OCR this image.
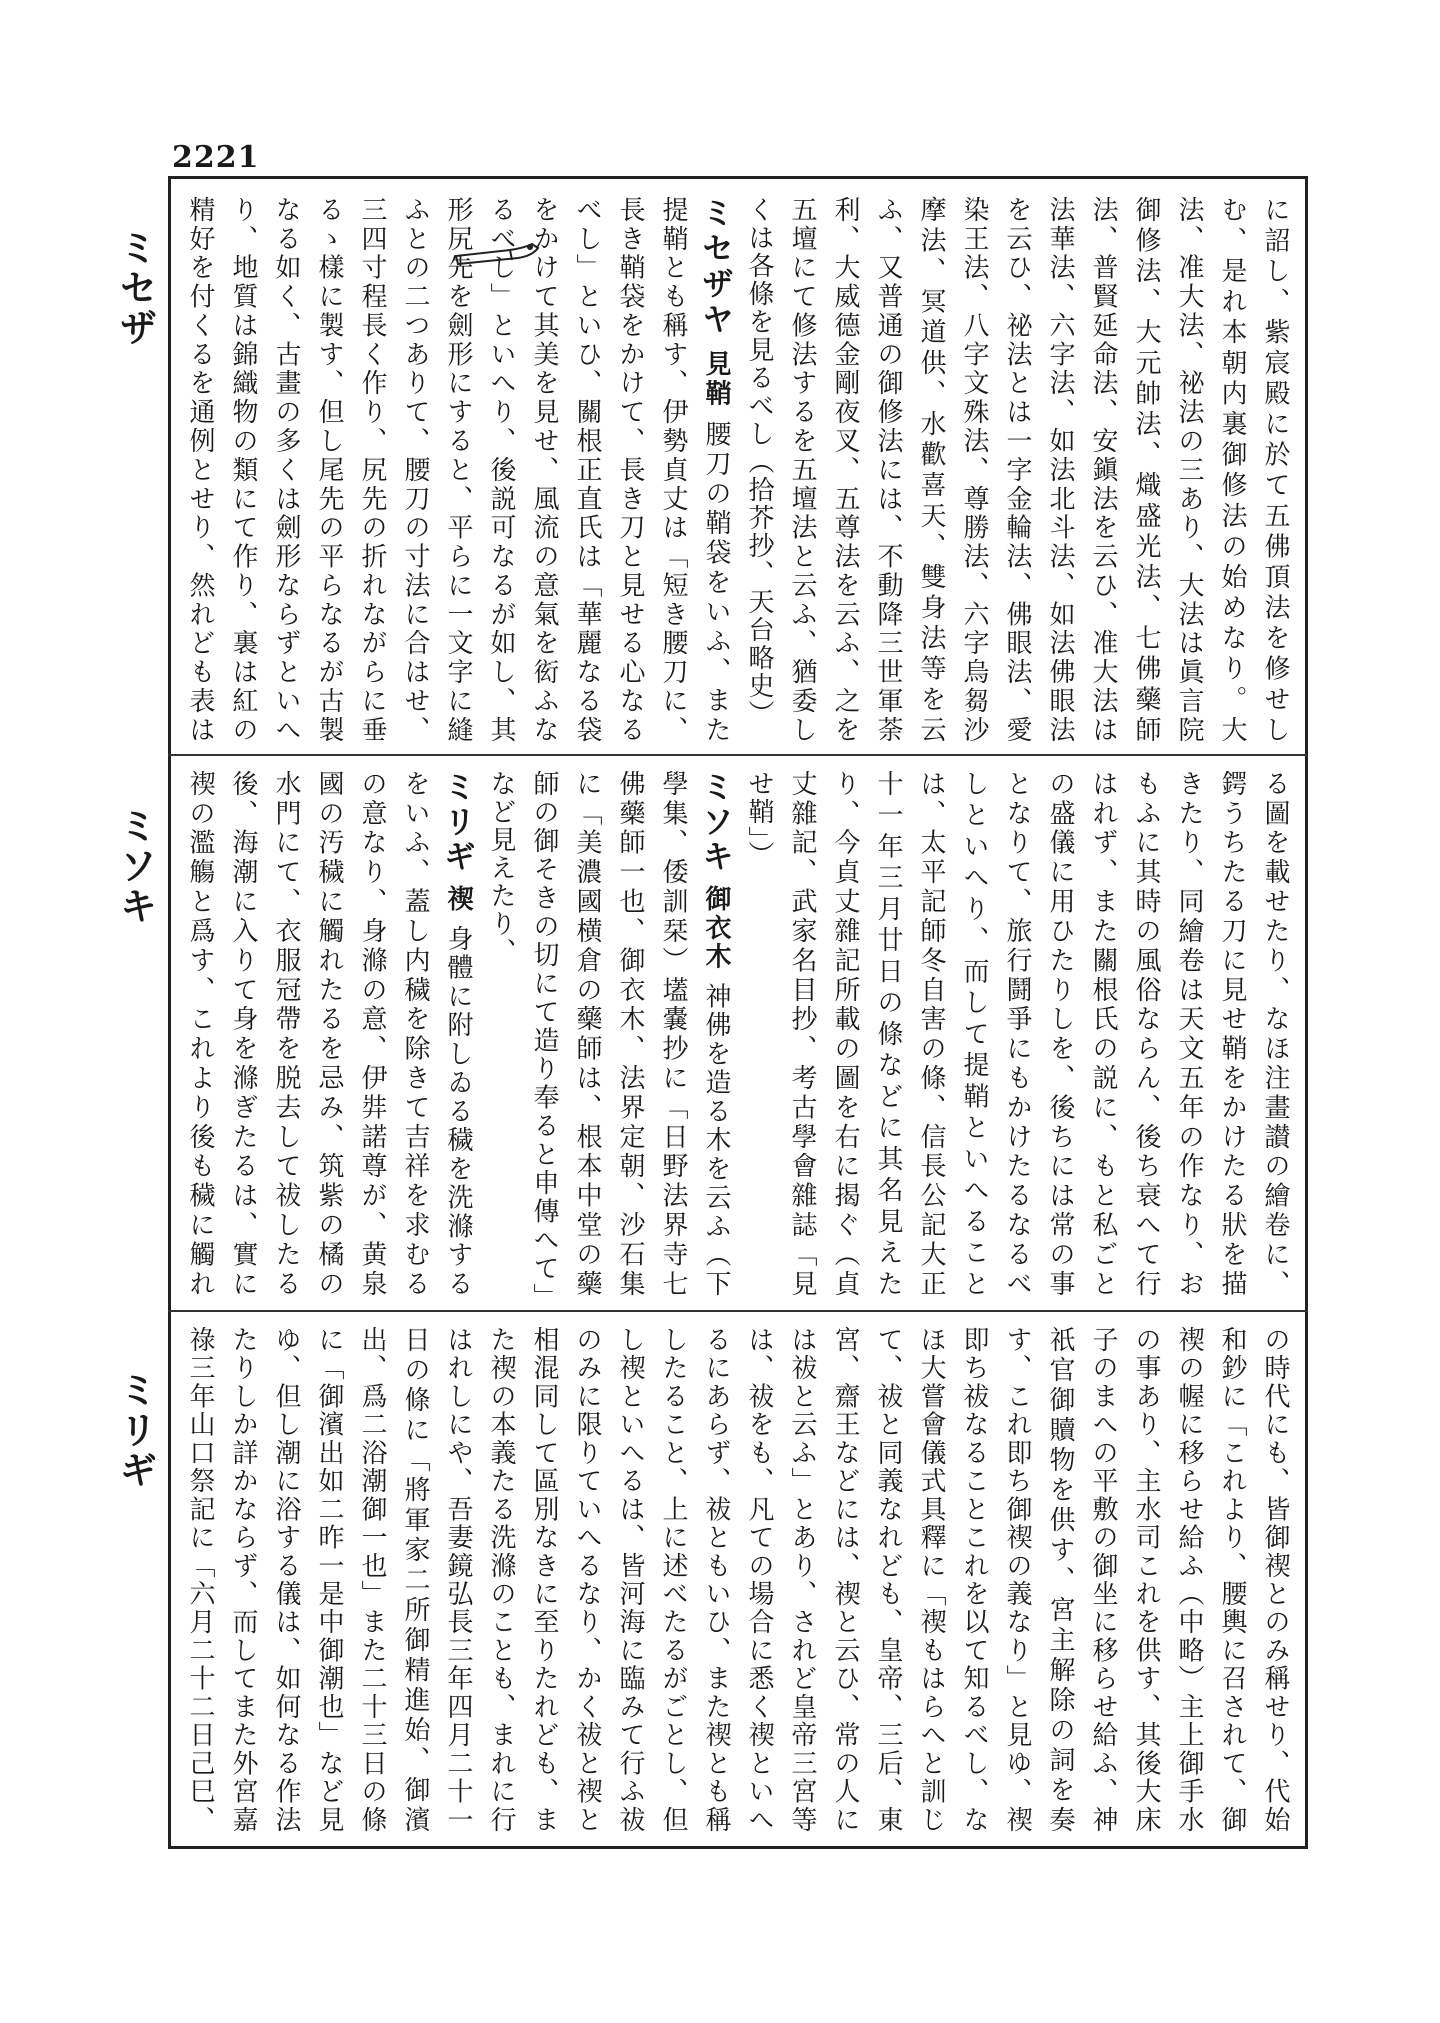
2221
ミセザ
ミソキ
ミリギ
に詔し、紫宸殿に於て五佛頂法を修せしむ、是れ本朝内裏御修法の始めなり。大法、准大法、祕法の三あり、大法は眞言院御修法、大元帥法、熾盛光法、七佛藥師法、普賢延命法、安鎭法を云ひ、准大法は法華法、六字法、如法北斗法、如法佛眼法を云ひ、祕法とは一字金輪法、佛眼法、愛染王法、八字文殊法、尊勝法、六字烏芻沙摩法、冥道供、水歡喜天、雙身法等を云ふ、又普通の御修法には、不動降三世軍荼利、大威德金剛夜叉、五尊法を云ふ、之を五壇にて修法するを五壇法と云ふ、猶委しくは各條を見るべし（拾芥抄、天台略史）
ミセザヤ 見鞘 腰刀の鞘袋をいふ、また提鞘とも稱す、伊勢貞丈は「短き腰刀に、長き鞘袋をかけて、長き刀と見せる心なるべし」といひ、關根正直氏は「華麗なる袋をかけて其美を見せ、風流の意氣を衒ふなるべし」といへり、後説可なるが如し、其形尻先を劍形にすると、平らに一文字に縫ふとの二つありて、腰刀の寸法に合はせ、三四寸程長く作り、尻先の折れながらに垂るゝ樣に製す、但し尾先の平らなるが古製なる如く、古畫の多くは劍形ならずといへり、地質は錦織物の類にて作り、裏は紅の精好を付くるを通例とせり、然れども表は
る圖を載せたり、なほ注畫讃の繪卷に、鍔うちたる刀に見せ鞘をかけたる狀を描きたり、同繪卷は天文五年の作なり、おもふに其時の風俗ならん、後ち衰へて行はれず、また關根氏の説に、もと私ごとの盛儀に用ひたりしを、後ちには常の事となりて、旅行鬪爭にもかけたるなるべしといへり、而して提鞘といへることは、太平記師冬自害の條、信長公記大正十一年三月廿日の條などに其名見えたり、今貞丈雜記所載の圖を右に揭ぐ（貞丈雜記、武家名目抄、考古學會雜誌「見せ鞘」）
ミソキ 御衣木 神佛を造る木を云ふ（下學集、倭訓栞）壒嚢抄に「日野法界寺七佛藥師一也、御衣木、法界定朝、沙石集に「美濃國横倉の藥師は、根本中堂の藥師の御そきの切にて造り奉ると申傳へて」など見えたり、
ミリギ 禊 身體に附しゐる穢を洗滌するをいふ、蓋し内穢を除きて吉祥を求むるの意なり、身滌の意、伊弉諾尊が、黄泉國の汚穢に觸れたるを忌み、筑紫の橘の水門にて、衣服冠帶を脱去して祓したる後、海潮に入りて身を滌ぎたるは、實に禊の濫觴と爲す、これより後も穢に觸れ
の時代にも、皆御禊とのみ稱せり、代始和鈔に「これより、腰輿に召されて、御禊の幄に移らせ給ふ（中略）主上御手水の事あり、主水司これを供す、其後大床子のまへの平敷の御坐に移らせ給ふ、神祇官御贖物を供す、宮主解除の詞を奏す、これ即ち御禊の義なり」と見ゆ、禊即ち祓なることこれを以て知るべし、なほ大嘗會儀式具釋に「禊もはらへと訓じて、祓と同義なれども、皇帝、三后、東宮、齋王などには、禊と云ひ、常の人には祓と云ふ」とあり、されど皇帝三宮等は、祓をも、凡ての場合に悉く禊といへるにあらず、祓ともいひ、また禊とも稱したること、上に述べたるがごとし、但し禊といへるは、皆河海に臨みて行ふ祓のみに限りていへるなり、かく祓と禊と相混同して區別なきに至りたれども、また禊の本義たる洗滌のことも、まれに行はれしにや、吾妻鏡弘長三年四月二十一日の條に「將軍家二所御精進始、御濱出、爲二浴潮御一也」また二十三日の條に「御濱出如二昨一是中御潮也」など見ゆ、但し潮に浴する儀は、如何なる作法たりしか詳かならず、而してまた外宮嘉祿三年山口祭記に「六月二十二日己巳、
